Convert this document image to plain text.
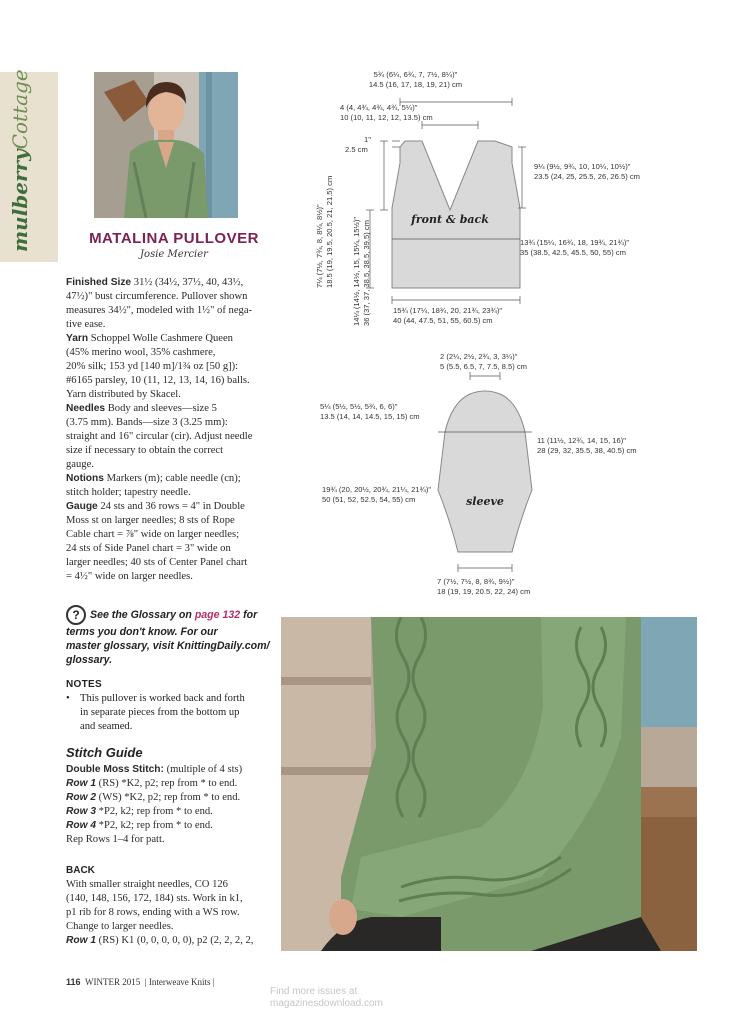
mulberryCottage
MATALINA PULLOVER
Josie Mercier

Finished Size 31½ (34½, 37½, 40, 43½,
47½)" bust circumference. Pullover shown
measures 34½", modeled with 1½" of nega-
tive ease.

Yarn Schoppel Wolle Cashmere Queen
(45% merino wool, 35% cashmere,
20% silk; 153 yd [140 m]/1¾ oz [50 g]):
#6165 parsley, 10 (11, 12, 13, 14, 16) balls.
Yarn distributed by Skacel.

Needles Body and sleeves—size 5
(3.75 mm). Bands—size 3 (3.25 mm):
straight and 16" circular (cir). Adjust needle
size if necessary to obtain the correct
gauge.

Notions Markers (m); cable needle (cn);
stitch holder; tapestry needle.

Gauge 24 sts and 36 rows = 4" in Double
Moss st on larger needles; 8 sts of Rope
Cable chart = ⅞" wide on larger needles;
24 sts of Side Panel chart = 3" wide on
larger needles; 40 sts of Center Panel chart
= 4½" wide on larger needles.

? See the Glossary on page 132 for
terms you don't know. For our
master glossary, visit KnittingDaily.com/
glossary.
NOTES
• This pullover is worked back and forth
in separate pieces from the bottom up
and seamed.
Stitch Guide

Double Moss Stitch: (multiple of 4 sts)

Row 1 (RS) *K2, p2; rep from * to end.

Row 2 (WS) *K2, p2; rep from * to end.

Row 3 *P2, k2; rep from * to end.

Row 4 *P2, k2; rep from * to end.

Rep Rows 1–4 for patt.

BACK

With smaller straight needles, CO 126
(140, 148, 156, 172, 184) sts. Work in k1,
p1 rib for 8 rows, ending with a WS row.
Change to larger needles.
Row 1 (RS) K1 (0, 0, 0, 0, 0), p2 (2, 2, 2, 2,

116 WINTER 2015 | Interweave Knits |
Find more issues at
magazinesdownload.com
front & back
5¾ (6¼, 6¾, 7, 7½, 8¼)"
14.5 (16, 17, 18, 19, 21) cm
4 (4, 4¾, 4¾, 4¾, 5¼)"
10 (10, 11, 12, 12, 13.5) cm
1"
2.5 cm
9¼ (9½, 9¾, 10, 10¼, 10½)"
23.5 (24, 25, 25.5, 26, 26.5) cm
13¾ (15¼, 16¾, 18, 19¾, 21¾)"
35 (38.5, 42.5, 45.5, 50, 55) cm
15¾ (17¼, 18¾, 20, 21¾, 23¾)"
40 (44, 47.5, 51, 55, 60.5) cm
7¼ (7½, 7¾, 8, 8¼, 8½)"
18.5 (19, 19.5, 20.5, 21, 21.5) cm 14¼ (14½, 14½, 15, 15¼, 15½)"
36 (37, 37, 38.5, 38.5, 39.5) cm
sleeve
2 (2¼, 2½, 2¾, 3, 3¼)"
5 (5.5, 6.5, 7, 7.5, 8.5) cm
5¼ (5½, 5½, 5¾, 6, 6)"
13.5 (14, 14, 14.5, 15, 15) cm
11 (11½, 12¾, 14, 15, 16)"
28 (29, 32, 35.5, 38, 40.5) cm
19¾ (20, 20½, 20¾, 21¼, 21¾)"
50 (51, 52, 52.5, 54, 55) cm
7 (7½, 7½, 8, 8¾, 9½)"
18 (19, 19, 20.5, 22, 24) cm
